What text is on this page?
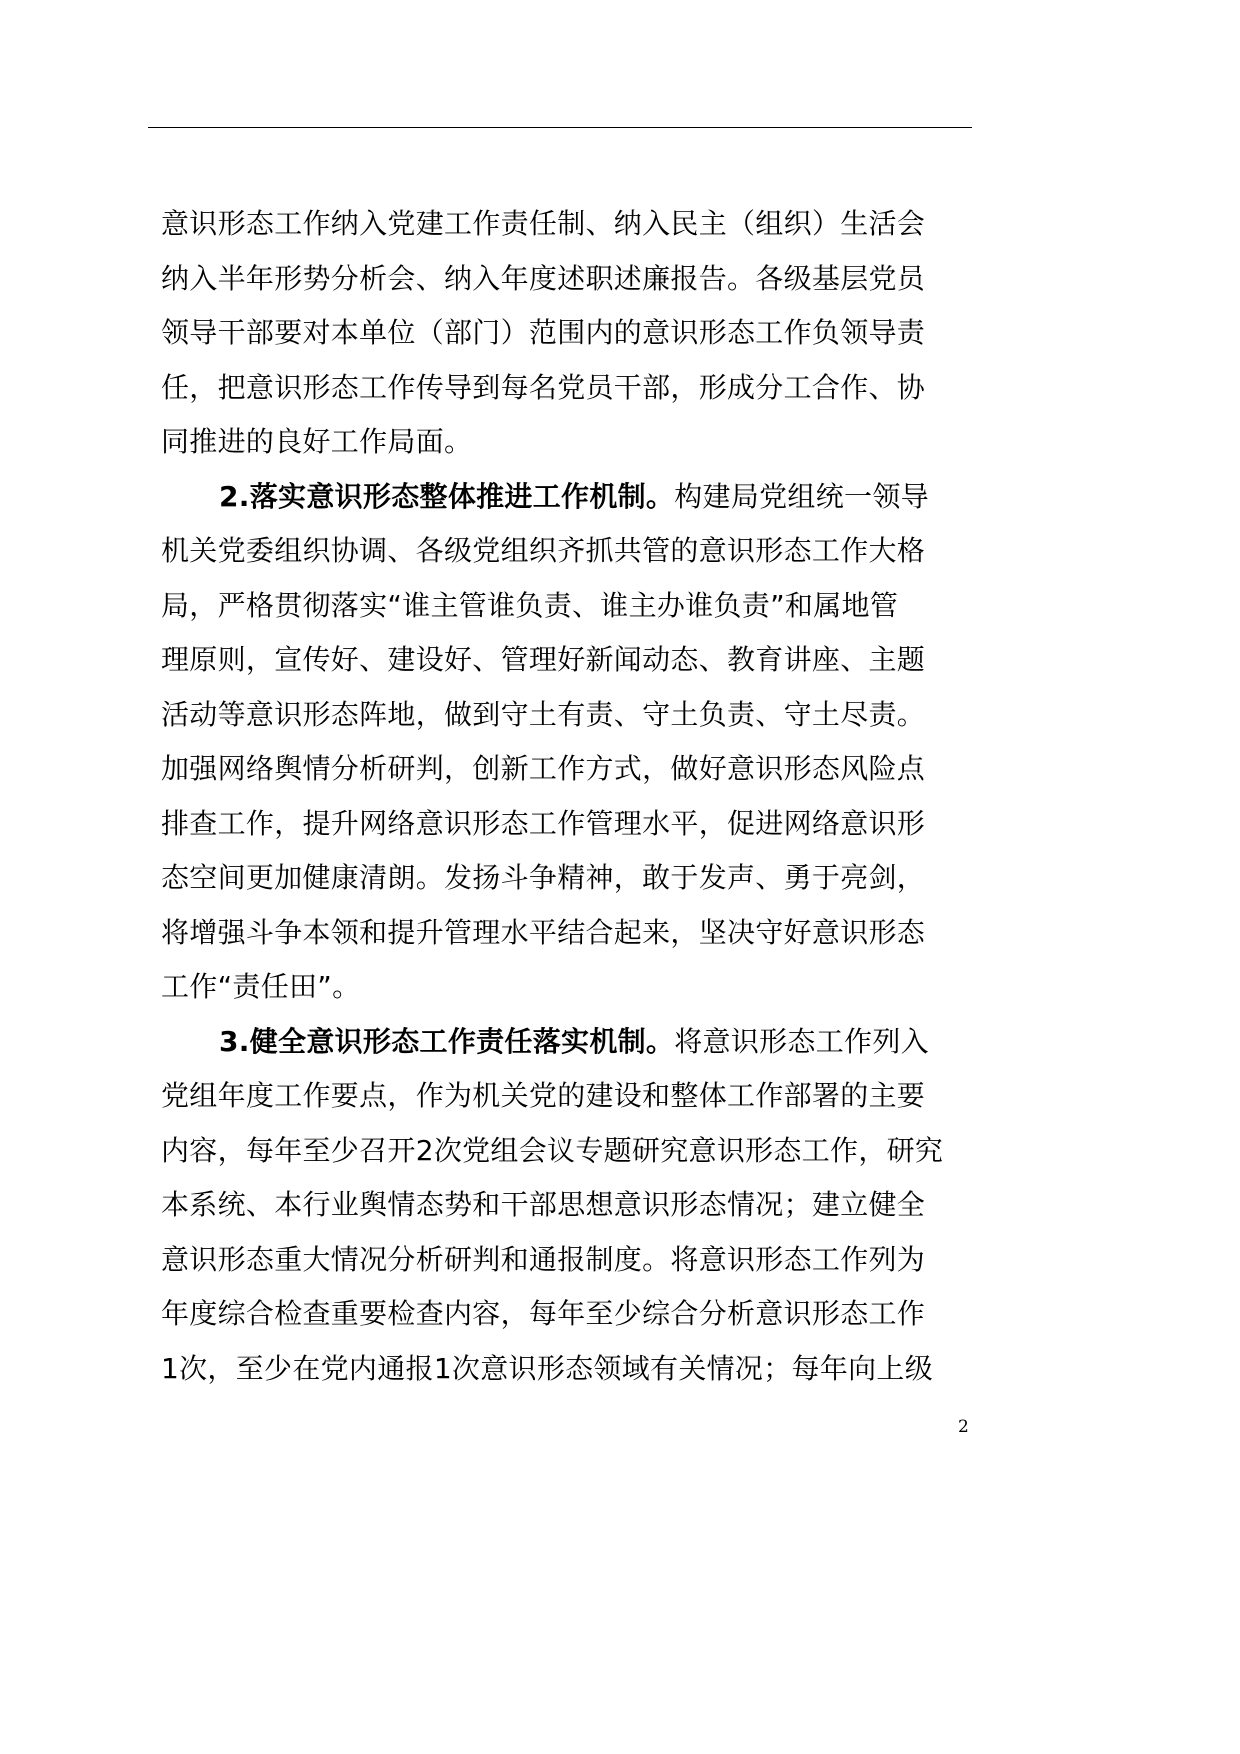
意识形态工作纳入党建工作责任制、纳入民主（组织）生活会
纳入半年形势分析会、纳入年度述职述廉报告。各级基层党员
领导干部要对本单位（部门）范围内的意识形态工作负领导责
任，把意识形态工作传导到每名党员干部，形成分工合作、协
同推进的良好工作局面。
2.落实意识形态整体推进工作机制。构建局党组统一领导
机关党委组织协调、各级党组织齐抓共管的意识形态工作大格
局，严格贯彻落实“谁主管谁负责、谁主办谁负责”和属地管
理原则，宣传好、建设好、管理好新闻动态、教育讲座、主题
活动等意识形态阵地，做到守土有责、守土负责、守土尽责。
加强网络舆情分析研判，创新工作方式，做好意识形态风险点
排查工作，提升网络意识形态工作管理水平，促进网络意识形
态空间更加健康清朗。发扬斗争精神，敢于发声、勇于亮剑，
将增强斗争本领和提升管理水平结合起来，坚决守好意识形态
工作“责任田”。
3.健全意识形态工作责任落实机制。将意识形态工作列入
党组年度工作要点，作为机关党的建设和整体工作部署的主要
内容，每年至少召开2次党组会议专题研究意识形态工作，研究
本系统、本行业舆情态势和干部思想意识形态情况；建立健全
意识形态重大情况分析研判和通报制度。将意识形态工作列为
年度综合检查重要检查内容，每年至少综合分析意识形态工作
1次，至少在党内通报1次意识形态领域有关情况；每年向上级
2
